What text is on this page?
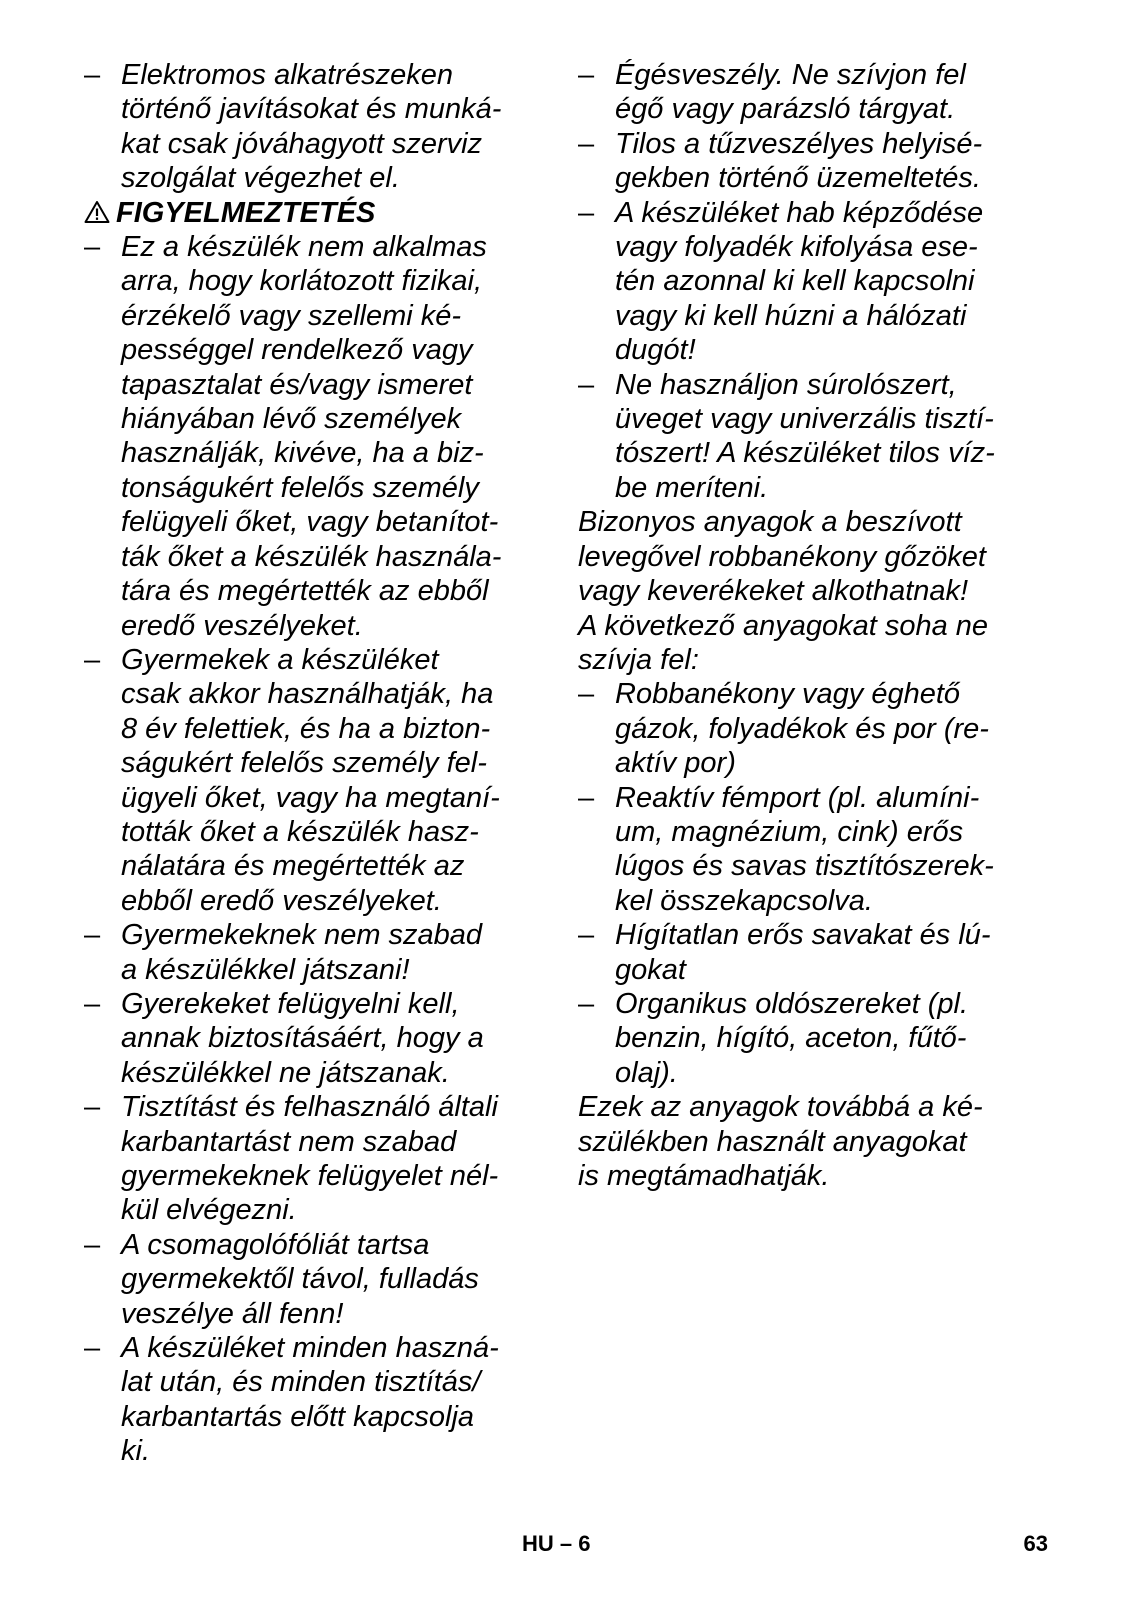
– Elektromos alkatrészeken
történő javításokat és munká-
kat csak jóváhagyott szerviz
szolgálat végezhet el.
FIGYELMEZTETÉS
– Ez a készülék nem alkalmas
arra, hogy korlátozott fizikai,
érzékelő vagy szellemi ké-
pességgel rendelkező vagy
tapasztalat és/vagy ismeret
hiányában lévő személyek
használják, kivéve, ha a biz-
tonságukért felelős személy
felügyeli őket, vagy betanítot-
ták őket a készülék használa-
tára és megértették az ebből
eredő veszélyeket.
– Gyermekek a készüléket
csak akkor használhatják, ha
8 év felettiek, és ha a bizton-
ságukért felelős személy fel-
ügyeli őket, vagy ha megtaní-
tották őket a készülék hasz-
nálatára és megértették az
ebből eredő veszélyeket.
– Gyermekeknek nem szabad
a készülékkel játszani!
– Gyerekeket felügyelni kell,
annak biztosításáért, hogy a
készülékkel ne játszanak.
– Tisztítást és felhasználó általi
karbantartást nem szabad
gyermekeknek felügyelet nél-
kül elvégezni.
– A csomagolófóliát tartsa
gyermekektől távol, fulladás
veszélye áll fenn!
– A készüléket minden haszná-
lat után, és minden tisztítás/
karbantartás előtt kapcsolja
ki.
– Égésveszély. Ne szívjon fel
égő vagy parázsló tárgyat.
– Tilos a tűzveszélyes helyisé-
gekben történő üzemeltetés.
– A készüléket hab képződése
vagy folyadék kifolyása ese-
tén azonnal ki kell kapcsolni
vagy ki kell húzni a hálózati
dugót!
– Ne használjon súrolószert,
üveget vagy univerzális tisztí-
tószert! A készüléket tilos víz-
be meríteni.
Bizonyos anyagok a beszívott
levegővel robbanékony gőzöket
vagy keverékeket alkothatnak!
A következő anyagokat soha ne
szívja fel:
– Robbanékony vagy éghető
gázok, folyadékok és por (re-
aktív por)
– Reaktív fémport (pl. alumíni-
um, magnézium, cink) erős
lúgos és savas tisztítószerek-
kel összekapcsolva.
– Hígítatlan erős savakat és lú-
gokat
– Organikus oldószereket (pl.
benzin, hígító, aceton, fűtő-
olaj).
Ezek az anyagok továbbá a ké-
szülékben használt anyagokat
is megtámadhatják.
HU – 6	63
